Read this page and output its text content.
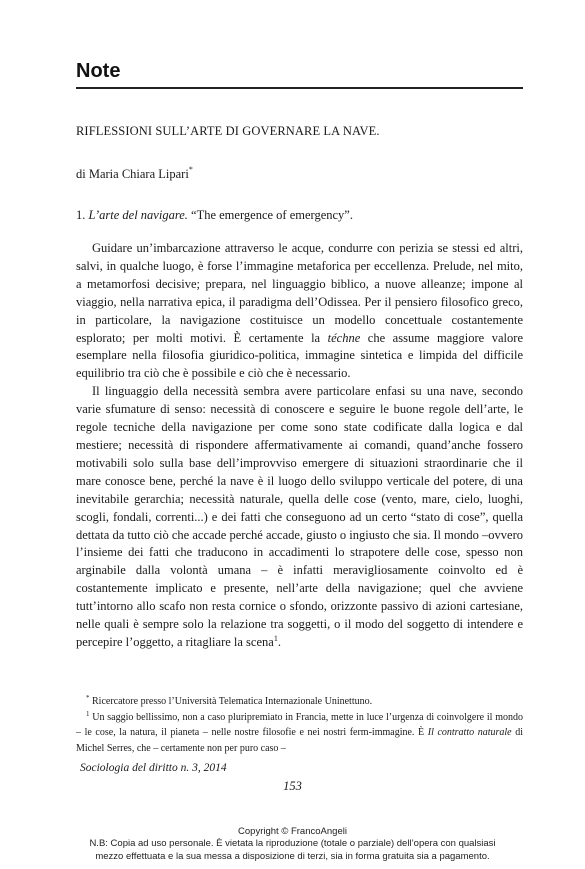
Note
RIFLESSIONI SULL’ARTE DI GOVERNARE LA NAVE.
di Maria Chiara Lipari*
1. L’arte del navigare. “The emergence of emergency”.

Guidare un’imbarcazione attraverso le acque, condurre con perizia se stessi ed altri, salvi, in qualche luogo, è forse l’immagine metaforica per eccellenza. Prelude, nel mito, a metamorfosi decisive; prepara, nel linguaggio biblico, a nuove alleanze; impone al viaggio, nella narrativa epica, il paradigma dell’Odissea. Per il pensiero filosofico greco, in particolare, la navigazione costituisce un modello concettuale costantemente esplorato; per molti motivi. È certamente la téchne che assume maggiore valore esemplare nella filosofia giuridico-politica, immagine sintetica e limpida del difficile equilibrio tra ciò che è possibile e ciò che è necessario.

Il linguaggio della necessità sembra avere particolare enfasi su una nave, secondo varie sfumature di senso: necessità di conoscere e seguire le buone regole dell’arte, le regole tecniche della navigazione per come sono state codificate dalla logica e dal mestiere; necessità di rispondere affermativamente ai comandi, quand’anche fossero motivabili solo sulla base dell’improvviso emergere di situazioni straordinarie che il mare conosce bene, perché la nave è il luogo dello sviluppo verticale del potere, di una inevitabile gerarchia; necessità naturale, quella delle cose (vento, mare, cielo, luoghi, scogli, fondali, correnti...) e dei fatti che conseguono ad un certo “stato di cose”, quella dettata da tutto ciò che accade perché accade, giusto o ingiusto che sia. Il mondo –ovvero l’insieme dei fatti che traducono in accadimenti lo strapotere delle cose, spesso non arginabile dalla volontà umana – è infatti meravigliosamente coinvolto ed è costantemente implicato e presente, nell’arte della navigazione; quel che avviene tutt’intorno allo scafo non resta cornice o sfondo, orizzonte passivo di azioni cartesiane, nelle quali è sempre solo la relazione tra soggetti, o il modo del soggetto di intendere e percepire l’oggetto, a ritagliare la scena$^1$.

* Ricercatore presso l’Università Telematica Internazionale Uninettuno.

$^1$ Un saggio bellissimo, non a caso pluripremiato in Francia, mette in luce l’urgenza di coinvolgere il mondo – le cose, la natura, il pianeta – nelle nostre filosofie e nei nostri ferm-immagine. È Il contratto naturale di Michel Serres, che – certamente non per puro caso –

Sociologia del diritto n. 3, 2014
153
Copyright © FrancoAngeli
N.B: Copia ad uso personale. È vietata la riproduzione (totale o parziale) dell’opera con qualsiasi
mezzo effettuata e la sua messa a disposizione di terzi, sia in forma gratuita sia a pagamento.
